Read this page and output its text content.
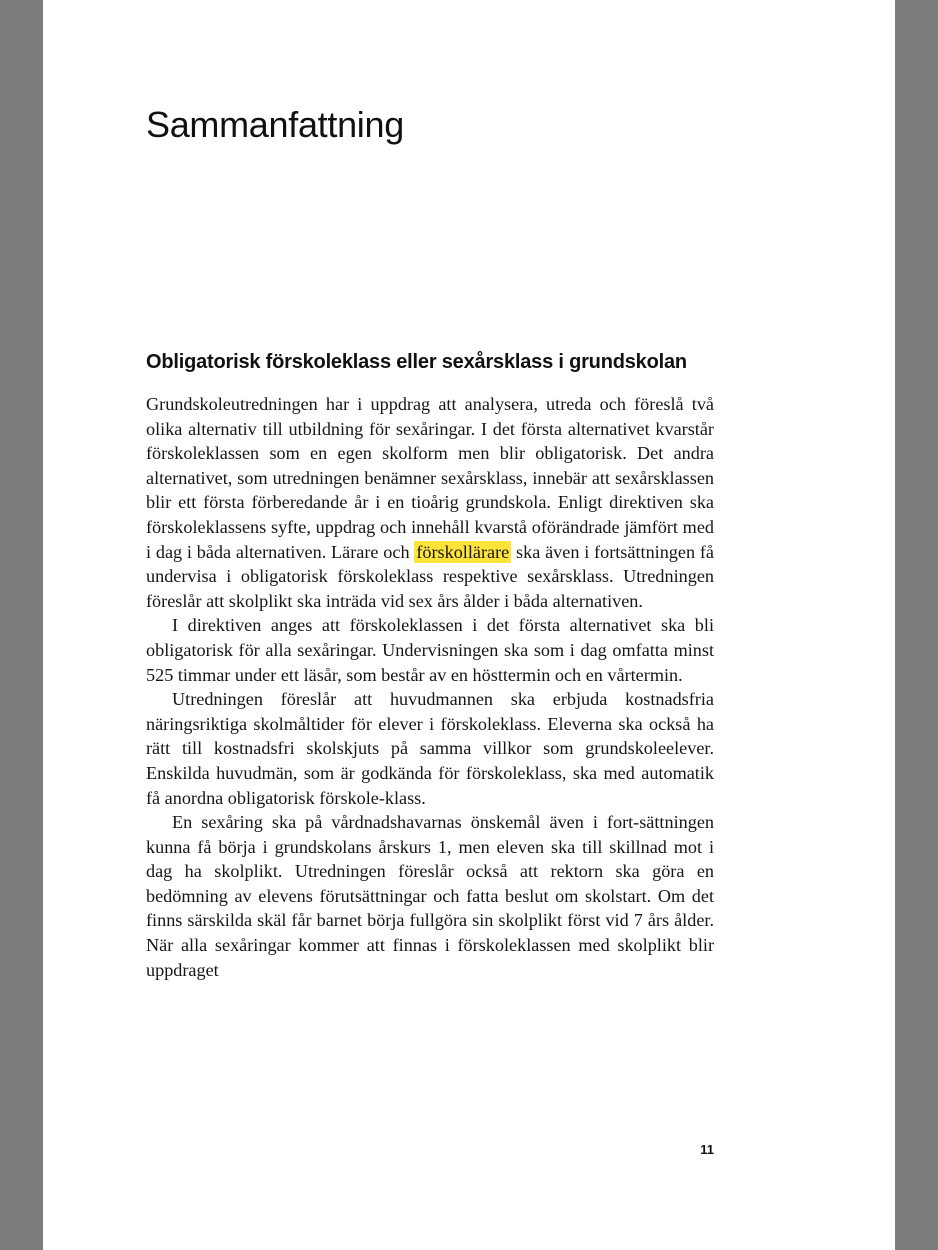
Sammanfattning
Obligatorisk förskoleklass eller sexårsklass i grundskolan

Grundskoleutredningen har i uppdrag att analysera, utreda och föreslå två olika alternativ till utbildning för sexåringar. I det första alternativet kvarstår förskoleklassen som en egen skolform men blir obligatorisk. Det andra alternativet, som utredningen benämner sexårsklass, innebär att sexårsklassen blir ett första förberedande år i en tioårig grundskola. Enligt direktiven ska förskoleklassens syfte, uppdrag och innehåll kvarstå oförändrade jämfört med i dag i båda alternativen. Lärare och förskollärare ska även i fortsättningen få undervisa i obligatorisk förskoleklass respektive sexårsklass. Utredningen föreslår att skolplikt ska inträda vid sex års ålder i båda alternativen.

I direktiven anges att förskoleklassen i det första alternativet ska bli obligatorisk för alla sexåringar. Undervisningen ska som i dag omfatta minst 525 timmar under ett läsår, som består av en hösttermin och en vårtermin.

Utredningen föreslår att huvudmannen ska erbjuda kostnadsfria näringsriktiga skolmåltider för elever i förskoleklass. Eleverna ska också ha rätt till kostnadsfri skolskjuts på samma villkor som grundskoleelever. Enskilda huvudmän, som är godkända för förskoleklass, ska med automatik få anordna obligatorisk förskole-klass.

En sexåring ska på vårdnadshavarnas önskemål även i fort-sättningen kunna få börja i grundskolans årskurs 1, men eleven ska till skillnad mot i dag ha skolplikt. Utredningen föreslår också att rektorn ska göra en bedömning av elevens förutsättningar och fatta beslut om skolstart. Om det finns särskilda skäl får barnet börja fullgöra sin skolplikt först vid 7 års ålder. När alla sexåringar kommer att finnas i förskoleklassen med skolplikt blir uppdraget

11
